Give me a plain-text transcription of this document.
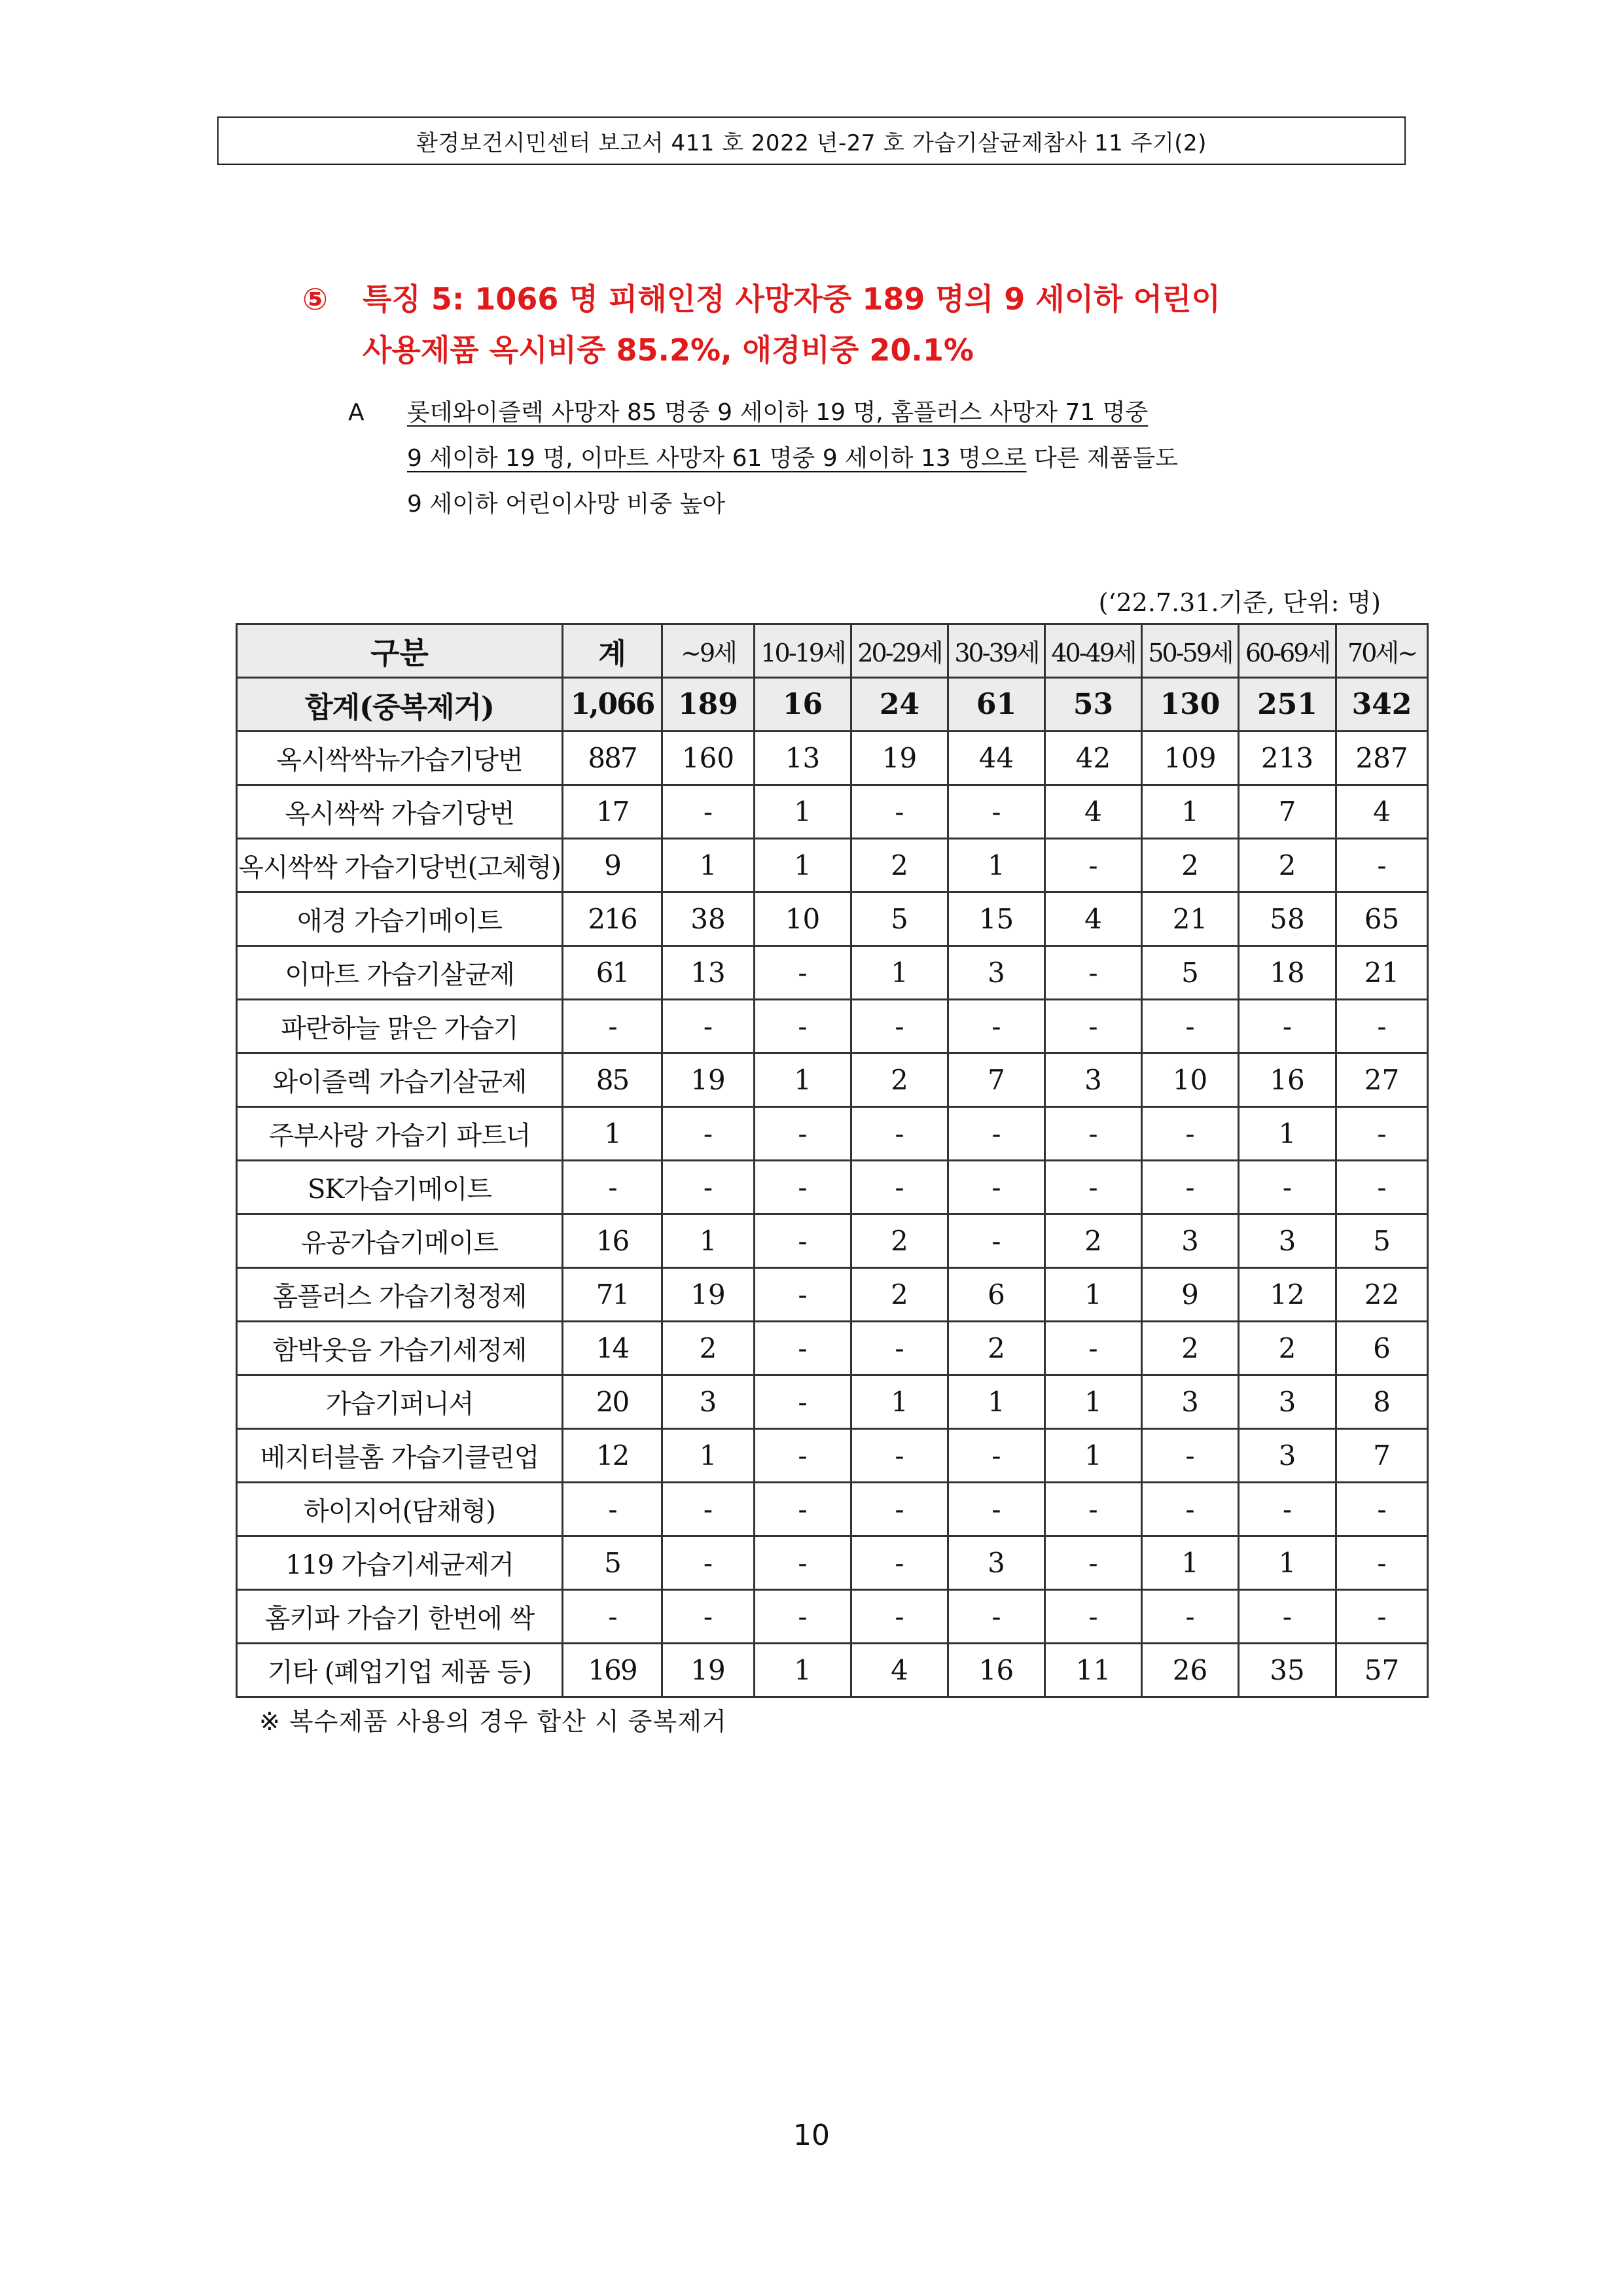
환경보건시민센터 보고서 411 호 2022 년-27 호 가습기살균제참사 11 주기(2)
⑤ 특징 5: 1066 명 피해인정 사망자중 189 명의 9 세이하 어린이
사용제품 옥시비중 85.2%, 애경비중 20.1%
A 롯데와이즐렉 사망자 85 명중 9 세이하 19 명, 홈플러스 사망자 71 명중
9 세이하 19 명, 이마트 사망자 61 명중 9 세이하 13 명으로 다른 제품들도
9 세이하 어린이사망 비중 높아
(‘22.7.31.기준, 단위: 명)
구분	계	~9세	10-19세	20-29세	30-39세	40-49세	50-59세	60-69세	70세~
합계(중복제거)	1,066	189	16	24	61	53	130	251	342
옥시싹싹뉴가습기당번	887	160	13	19	44	42	109	213	287
옥시싹싹 가습기당번	17	-	1	-	-	4	1	7	4
옥시싹싹 가습기당번(고체형)	9	1	1	2	1	-	2	2	-
애경 가습기메이트	216	38	10	5	15	4	21	58	65
이마트 가습기살균제	61	13	-	1	3	-	5	18	21
파란하늘 맑은 가습기	-	-	-	-	-	-	-	-	-
와이즐렉 가습기살균제	85	19	1	2	7	3	10	16	27
주부사랑 가습기 파트너	1	-	-	-	-	-	-	1	-
SK가습기메이트	-	-	-	-	-	-	-	-	-
유공가습기메이트	16	1	-	2	-	2	3	3	5
홈플러스 가습기청정제	71	19	-	2	6	1	9	12	22
함박웃음 가습기세정제	14	2	-	-	2	-	2	2	6
가습기퍼니셔	20	3	-	1	1	1	3	3	8
베지터블홈 가습기클린업	12	1	-	-	-	1	-	3	7
하이지어(담채형)	-	-	-	-	-	-	-	-	-
119 가습기세균제거	5	-	-	-	3	-	1	1	-
홈키파 가습기 한번에 싹	-	-	-	-	-	-	-	-	-
기타 (폐업기업 제품 등)	169	19	1	4	16	11	26	35	57
※ 복수제품 사용의 경우 합산 시 중복제거
10
